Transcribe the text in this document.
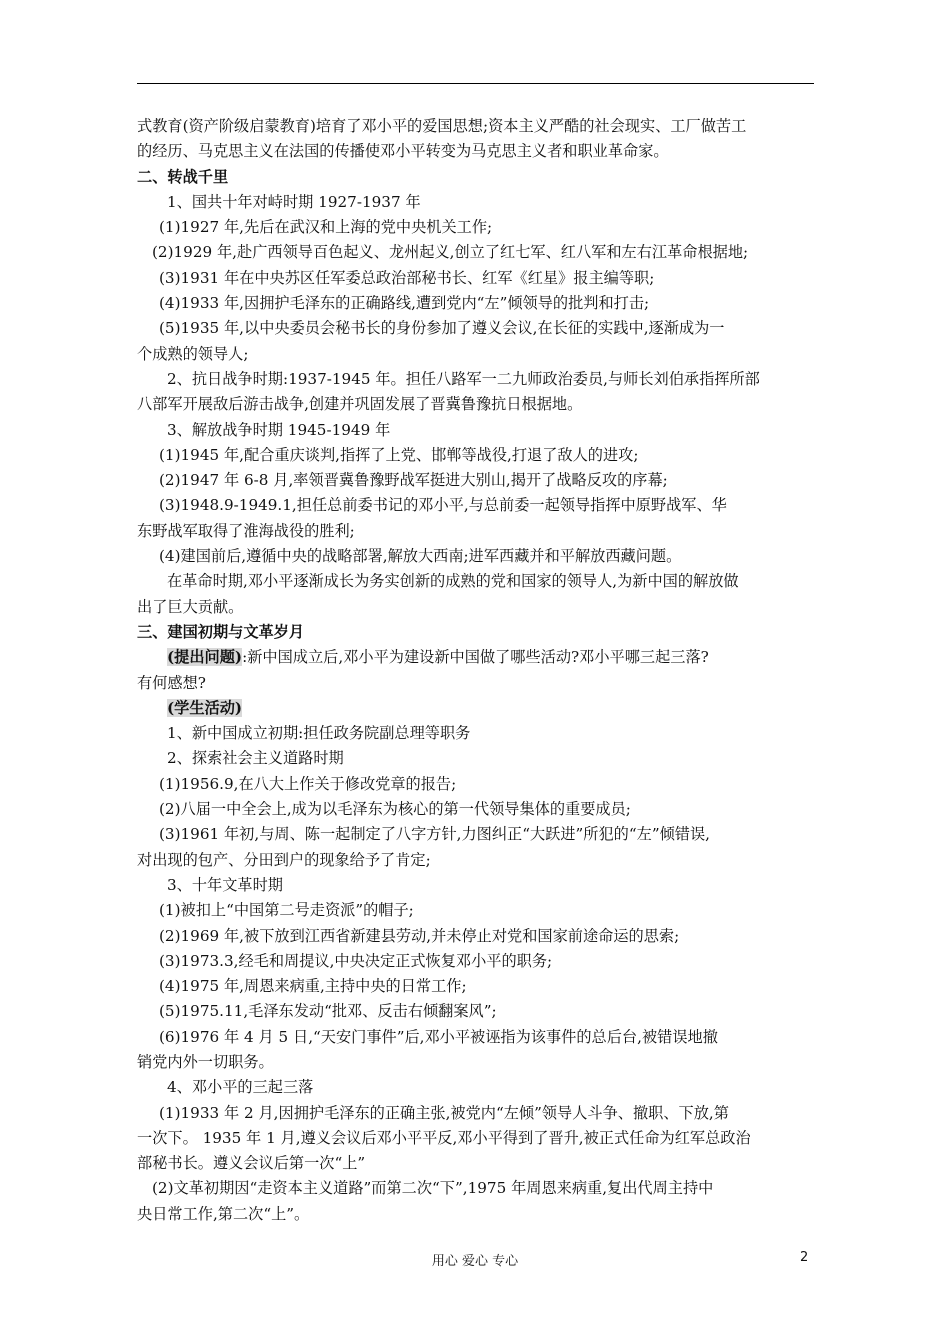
式教育(资产阶级启蒙教育)培育了邓小平的爱国思想;资本主义严酷的社会现实、工厂做苦工
的经历、马克思主义在法国的传播使邓小平转变为马克思主义者和职业革命家。
二、转战千里
1、国共十年对峙时期 1927-1937 年
(1)1927 年,先后在武汉和上海的党中央机关工作;
(2)1929 年,赴广西领导百色起义、龙州起义,创立了红七军、红八军和左右江革命根据地;
(3)1931 年在中央苏区任军委总政治部秘书长、红军《红星》报主编等职;
(4)1933 年,因拥护毛泽东的正确路线,遭到党内“左”倾领导的批判和打击;
(5)1935 年,以中央委员会秘书长的身份参加了遵义会议,在长征的实践中,逐渐成为一
个成熟的领导人;
2、抗日战争时期:1937-1945 年。担任八路军一二九师政治委员,与师长刘伯承指挥所部
八部军开展敌后游击战争,创建并巩固发展了晋冀鲁豫抗日根据地。
3、解放战争时期 1945-1949 年
(1)1945 年,配合重庆谈判,指挥了上党、邯郸等战役,打退了敌人的进攻;
(2)1947 年 6-8 月,率领晋冀鲁豫野战军挺进大别山,揭开了战略反攻的序幕;
(3)1948.9-1949.1,担任总前委书记的邓小平,与总前委一起领导指挥中原野战军、华
东野战军取得了淮海战役的胜利;
(4)建国前后,遵循中央的战略部署,解放大西南;进军西藏并和平解放西藏问题。
在革命时期,邓小平逐渐成长为务实创新的成熟的党和国家的领导人,为新中国的解放做
出了巨大贡献。
三、建国初期与文革岁月
(提出问题):新中国成立后,邓小平为建设新中国做了哪些活动?邓小平哪三起三落?
有何感想?
(学生活动)
1、新中国成立初期:担任政务院副总理等职务
2、探索社会主义道路时期
(1)1956.9,在八大上作关于修改党章的报告;
(2)八届一中全会上,成为以毛泽东为核心的第一代领导集体的重要成员;
(3)1961 年初,与周、陈一起制定了八字方针,力图纠正“大跃进”所犯的“左”倾错误,
对出现的包产、分田到户的现象给予了肯定;
3、十年文革时期
(1)被扣上“中国第二号走资派”的帽子;
(2)1969 年,被下放到江西省新建县劳动,并未停止对党和国家前途命运的思索;
(3)1973.3,经毛和周提议,中央决定正式恢复邓小平的职务;
(4)1975 年,周恩来病重,主持中央的日常工作;
(5)1975.11,毛泽东发动“批邓、反击右倾翻案风”;
(6)1976 年 4 月 5 日,“天安门事件”后,邓小平被诬指为该事件的总后台,被错误地撤
销党内外一切职务。
4、邓小平的三起三落
(1)1933 年 2 月,因拥护毛泽东的正确主张,被党内“左倾”领导人斗争、撤职、下放,第
一次下。 1935 年 1 月,遵义会议后邓小平平反,邓小平得到了晋升,被正式任命为红军总政治
部秘书长。遵义会议后第一次“上”
(2)文革初期因“走资本主义道路”而第二次“下”,1975 年周恩来病重,复出代周主持中
央日常工作,第二次“上”。
用心 爱心 专心	2
